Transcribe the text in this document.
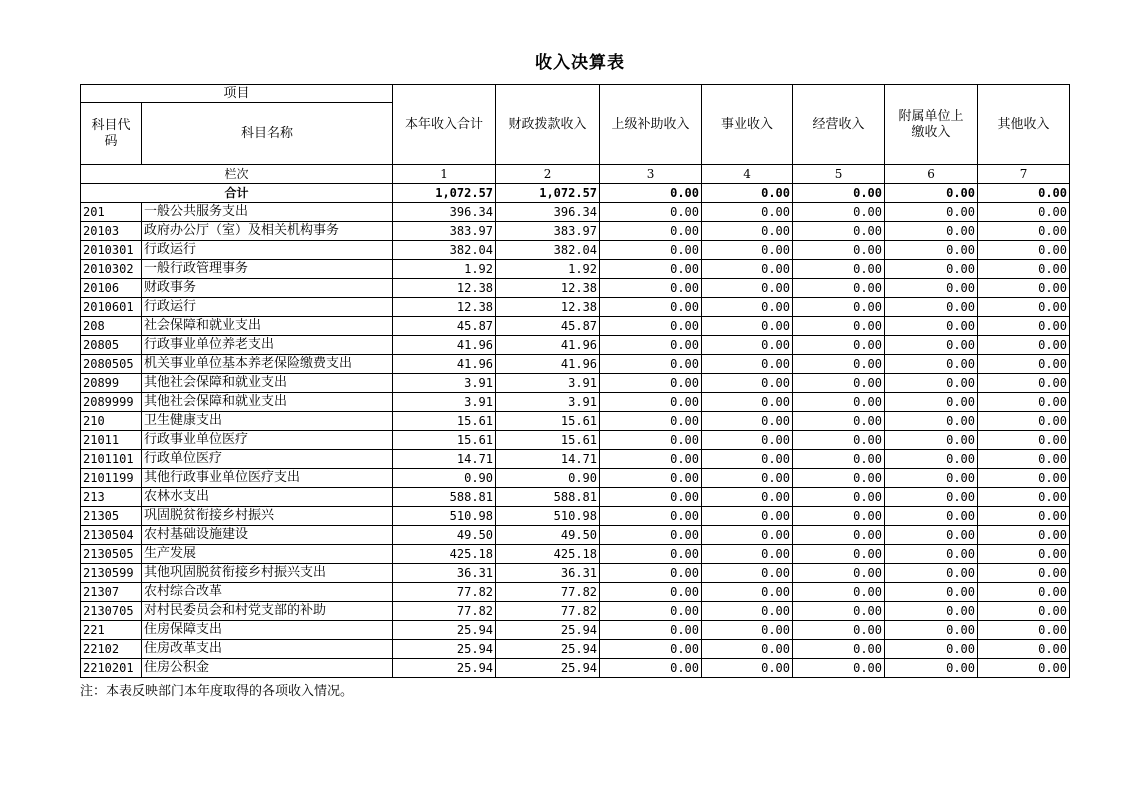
收入决算表
项目		本年收入合计	财政拨款收入	上级补助收入	事业收入	经营收入	附属单位上缴收入	其他收入
科目代码	科目名称							
栏次		1	2	3	4	5	6	7
合计		1,072.57	1,072.57	0.00	0.00	0.00	0.00	0.00
201	一般公共服务支出	396.34	396.34	0.00	0.00	0.00	0.00	0.00
20103	政府办公厅（室）及相关机构事务	383.97	383.97	0.00	0.00	0.00	0.00	0.00
2010301	行政运行	382.04	382.04	0.00	0.00	0.00	0.00	0.00
2010302	一般行政管理事务	1.92	1.92	0.00	0.00	0.00	0.00	0.00
20106	财政事务	12.38	12.38	0.00	0.00	0.00	0.00	0.00
2010601	行政运行	12.38	12.38	0.00	0.00	0.00	0.00	0.00
208	社会保障和就业支出	45.87	45.87	0.00	0.00	0.00	0.00	0.00
20805	行政事业单位养老支出	41.96	41.96	0.00	0.00	0.00	0.00	0.00
2080505	机关事业单位基本养老保险缴费支出	41.96	41.96	0.00	0.00	0.00	0.00	0.00
20899	其他社会保障和就业支出	3.91	3.91	0.00	0.00	0.00	0.00	0.00
2089999	其他社会保障和就业支出	3.91	3.91	0.00	0.00	0.00	0.00	0.00
210	卫生健康支出	15.61	15.61	0.00	0.00	0.00	0.00	0.00
21011	行政事业单位医疗	15.61	15.61	0.00	0.00	0.00	0.00	0.00
2101101	行政单位医疗	14.71	14.71	0.00	0.00	0.00	0.00	0.00
2101199	其他行政事业单位医疗支出	0.90	0.90	0.00	0.00	0.00	0.00	0.00
213	农林水支出	588.81	588.81	0.00	0.00	0.00	0.00	0.00
21305	巩固脱贫衔接乡村振兴	510.98	510.98	0.00	0.00	0.00	0.00	0.00
2130504	农村基础设施建设	49.50	49.50	0.00	0.00	0.00	0.00	0.00
2130505	生产发展	425.18	425.18	0.00	0.00	0.00	0.00	0.00
2130599	其他巩固脱贫衔接乡村振兴支出	36.31	36.31	0.00	0.00	0.00	0.00	0.00
21307	农村综合改革	77.82	77.82	0.00	0.00	0.00	0.00	0.00
2130705	对村民委员会和村党支部的补助	77.82	77.82	0.00	0.00	0.00	0.00	0.00
221	住房保障支出	25.94	25.94	0.00	0.00	0.00	0.00	0.00
22102	住房改革支出	25.94	25.94	0.00	0.00	0.00	0.00	0.00
2210201	住房公积金	25.94	25.94	0.00	0.00	0.00	0.00	0.00
注：本表反映部门本年度取得的各项收入情况。
